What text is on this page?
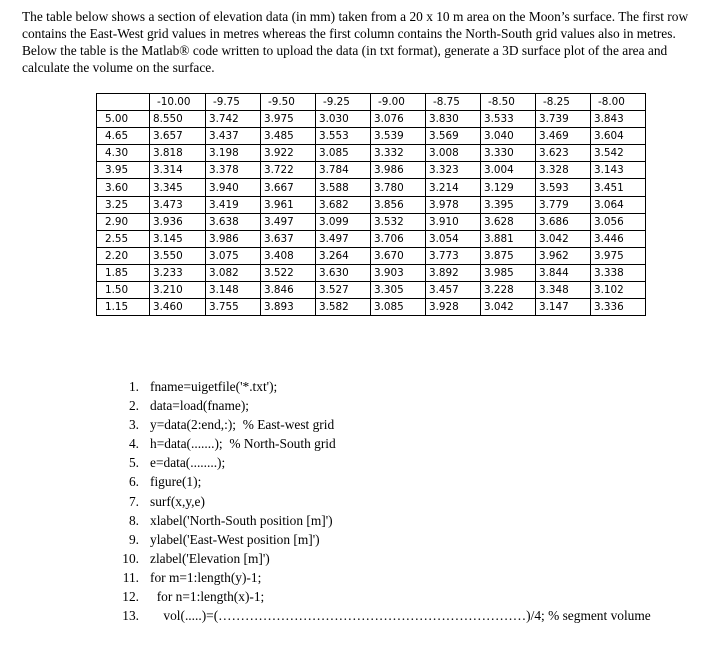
The table below shows a section of elevation data (in mm) taken from a 20 x 10 m area on the Moon’s surface. The first row contains the East-West grid values in metres whereas the first column contains the North-South grid values also in metres. Below the table is the Matlab® code written to upload the data (in txt format), generate a 3D surface plot of the area and calculate the volume on the surface.

	-10.00	-9.75	-9.50	-9.25	-9.00	-8.75	-8.50	-8.25	-8.00
5.00	8.550	3.742	3.975	3.030	3.076	3.830	3.533	3.739	3.843
4.65	3.657	3.437	3.485	3.553	3.539	3.569	3.040	3.469	3.604
4.30	3.818	3.198	3.922	3.085	3.332	3.008	3.330	3.623	3.542
3.95	3.314	3.378	3.722	3.784	3.986	3.323	3.004	3.328	3.143
3.60	3.345	3.940	3.667	3.588	3.780	3.214	3.129	3.593	3.451
3.25	3.473	3.419	3.961	3.682	3.856	3.978	3.395	3.779	3.064
2.90	3.936	3.638	3.497	3.099	3.532	3.910	3.628	3.686	3.056
2.55	3.145	3.986	3.637	3.497	3.706	3.054	3.881	3.042	3.446
2.20	3.550	3.075	3.408	3.264	3.670	3.773	3.875	3.962	3.975
1.85	3.233	3.082	3.522	3.630	3.903	3.892	3.985	3.844	3.338
1.50	3.210	3.148	3.846	3.527	3.305	3.457	3.228	3.348	3.102
1.15	3.460	3.755	3.893	3.582	3.085	3.928	3.042	3.147	3.336
1. fname=uigetfile('*.txt');
2. data=load(fname);
3. y=data(2:end,:);  % East-west grid
4. h=data(.......);  % North-South grid
5. e=data(........);
6. figure(1);
7. surf(x,y,e)
8. xlabel('North-South position [m]')
9. ylabel('East-West position [m]')
10. zlabel('Elevation [m]')
11. for m=1:length(y)-1;
12. for n=1:length(x)-1;
13. vol(.....)=(……………………………………………………………)/4; % segment volume
